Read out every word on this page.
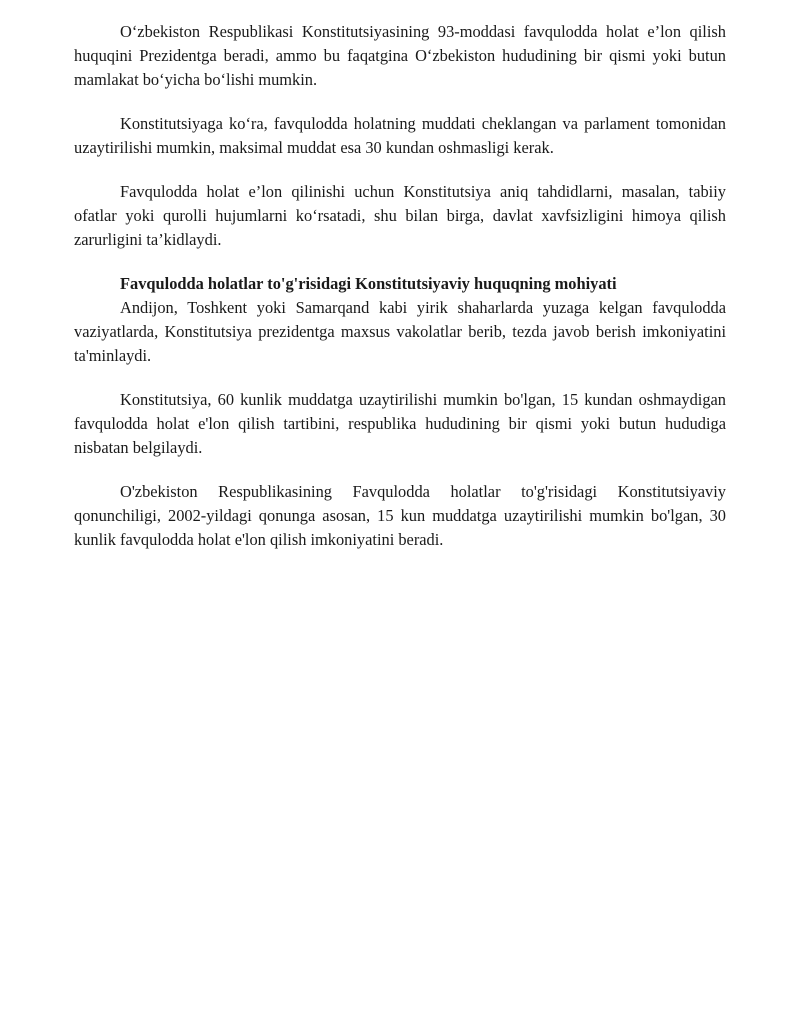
O‘zbekiston Respublikasi Konstitutsiyasining 93-moddasi favqulodda holat e’lon qilish huquqini Prezidentga beradi, ammo bu faqatgina O‘zbekiston hududining bir qismi yoki butun mamlakat bo‘yicha bo‘lishi mumkin.

Konstitutsiyaga ko‘ra, favqulodda holatning muddati cheklangan va parlament tomonidan uzaytirilishi mumkin, maksimal muddat esa 30 kundan oshmasligi kerak.

Favqulodda holat e’lon qilinishi uchun Konstitutsiya aniq tahdidlarni, masalan, tabiiy ofatlar yoki qurolli hujumlarni ko‘rsatadi, shu bilan birga, davlat xavfsizligini himoya qilish zarurligini ta’kidlaydi.

Favqulodda holatlar to'g'risidagi Konstitutsiyaviy huquqning mohiyati

Andijon, Toshkent yoki Samarqand kabi yirik shaharlarda yuzaga kelgan favqulodda vaziyatlarda, Konstitutsiya prezidentga maxsus vakolatlar berib, tezda javob berish imkoniyatini ta'minlaydi.

Konstitutsiya, 60 kunlik muddatga uzaytirilishi mumkin bo'lgan, 15 kundan oshmaydigan favqulodda holat e'lon qilish tartibini, respublika hududining bir qismi yoki butun hududiga nisbatan belgilaydi.

O'zbekiston Respublikasining Favqulodda holatlar to'g'risidagi Konstitutsiyaviy qonunchiligi, 2002-yildagi qonunga asosan, 15 kun muddatga uzaytirilishi mumkin bo'lgan, 30 kunlik favqulodda holat e'lon qilish imkoniyatini beradi.
